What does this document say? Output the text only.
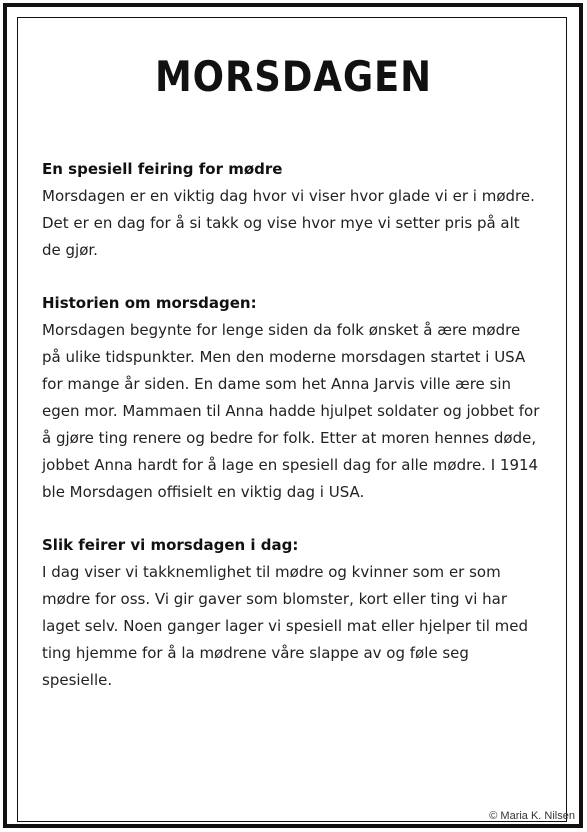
MORSDAGEN

En spesiell feiring for mødre

Morsdagen er en viktig dag hvor vi viser hvor glade vi er i mødre. Det er en dag for å si takk og vise hvor mye vi setter pris på alt de gjør.

Historien om morsdagen:

Morsdagen begynte for lenge siden da folk ønsket å ære mødre på ulike tidspunkter. Men den moderne morsdagen startet i USA for mange år siden. En dame som het Anna Jarvis ville ære sin egen mor. Mammaen til Anna hadde hjulpet soldater og jobbet for å gjøre ting renere og bedre for folk. Etter at moren hennes døde, jobbet Anna hardt for å lage en spesiell dag for alle mødre. I 1914 ble Morsdagen offisielt en viktig dag i USA.

Slik feirer vi morsdagen i dag:

I dag viser vi takknemlighet til mødre og kvinner som er som mødre for oss. Vi gir gaver som blomster, kort eller ting vi har laget selv. Noen ganger lager vi spesiell mat eller hjelper til med ting hjemme for å la mødrene våre slappe av og føle seg spesielle.

© Maria K. Nilsen
